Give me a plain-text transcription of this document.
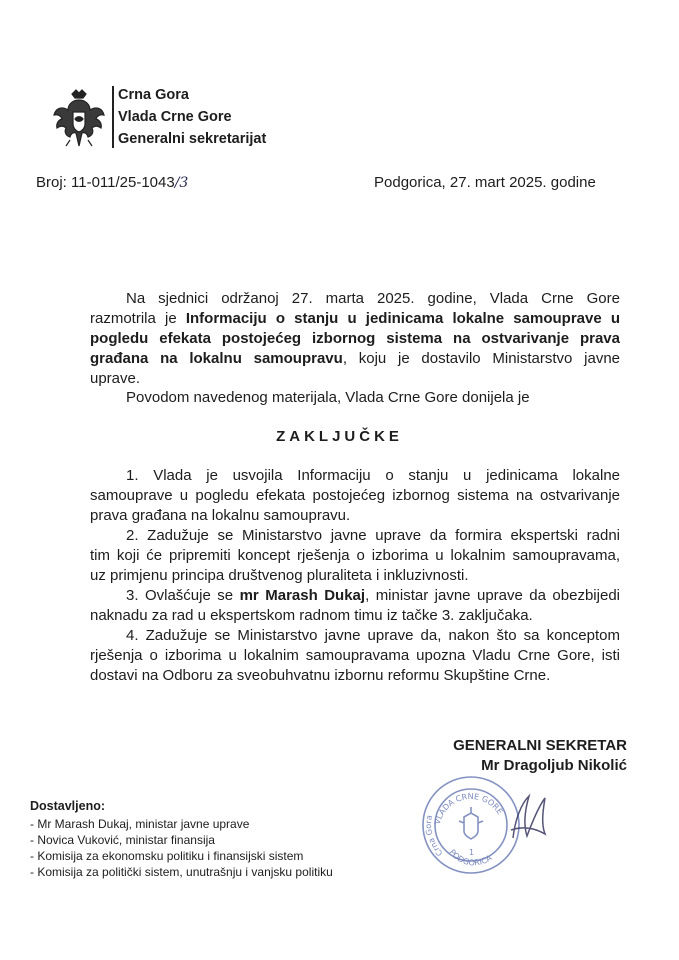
Crna Gora
Vlada Crne Gore
Generalni sekretarijat
Broj: 11-011/25-1043/3	Podgorica, 27. mart 2025. godine
Na sjednici održanoj 27. marta 2025. godine, Vlada Crne Gore
razmotrila je Informaciju o stanju u jedinicama lokalne samouprave u
pogledu efekata postojećeg izbornog sistema na ostvarivanje prava
građana na lokalnu samoupravu, koju je dostavilo Ministarstvo javne
uprave.
Povodom navedenog materijala, Vlada Crne Gore donijela je
ZAKLJUČKE
1. Vlada je usvojila Informaciju o stanju u jedinicama lokalne
samouprave u pogledu efekata postojećeg izbornog sistema na ostvarivanje
prava građana na lokalnu samoupravu.
2. Zadužuje se Ministarstvo javne uprave da formira ekspertski radni
tim koji će pripremiti koncept rješenja o izborima u lokalnim samoupravama,
uz primjenu principa društvenog pluraliteta i inkluzivnosti.
3. Ovlašćuje se mr Marash Dukaj, ministar javne uprave da obezbijedi
naknadu za rad u ekspertskom radnom timu iz tačke 3. zaključaka.
4. Zadužuje se Ministarstvo javne uprave da, nakon što sa konceptom
rješenja o izborima u lokalnim samoupravama upozna Vladu Crne Gore, isti
dostavi na Odboru za sveobuhvatnu izbornu reformu Skupštine Crne.
GENERALNI SEKRETAR
Mr Dragoljub Nikolić
VLADA CRNE GORE
Crna Gora
PODGORICA
1
Dostavljeno:
- Mr Marash Dukaj, ministar javne uprave
- Novica Vuković, ministar finansija
- Komisija za ekonomsku politiku i finansijski sistem
- Komisija za politički sistem, unutrašnju i vanjsku politiku
